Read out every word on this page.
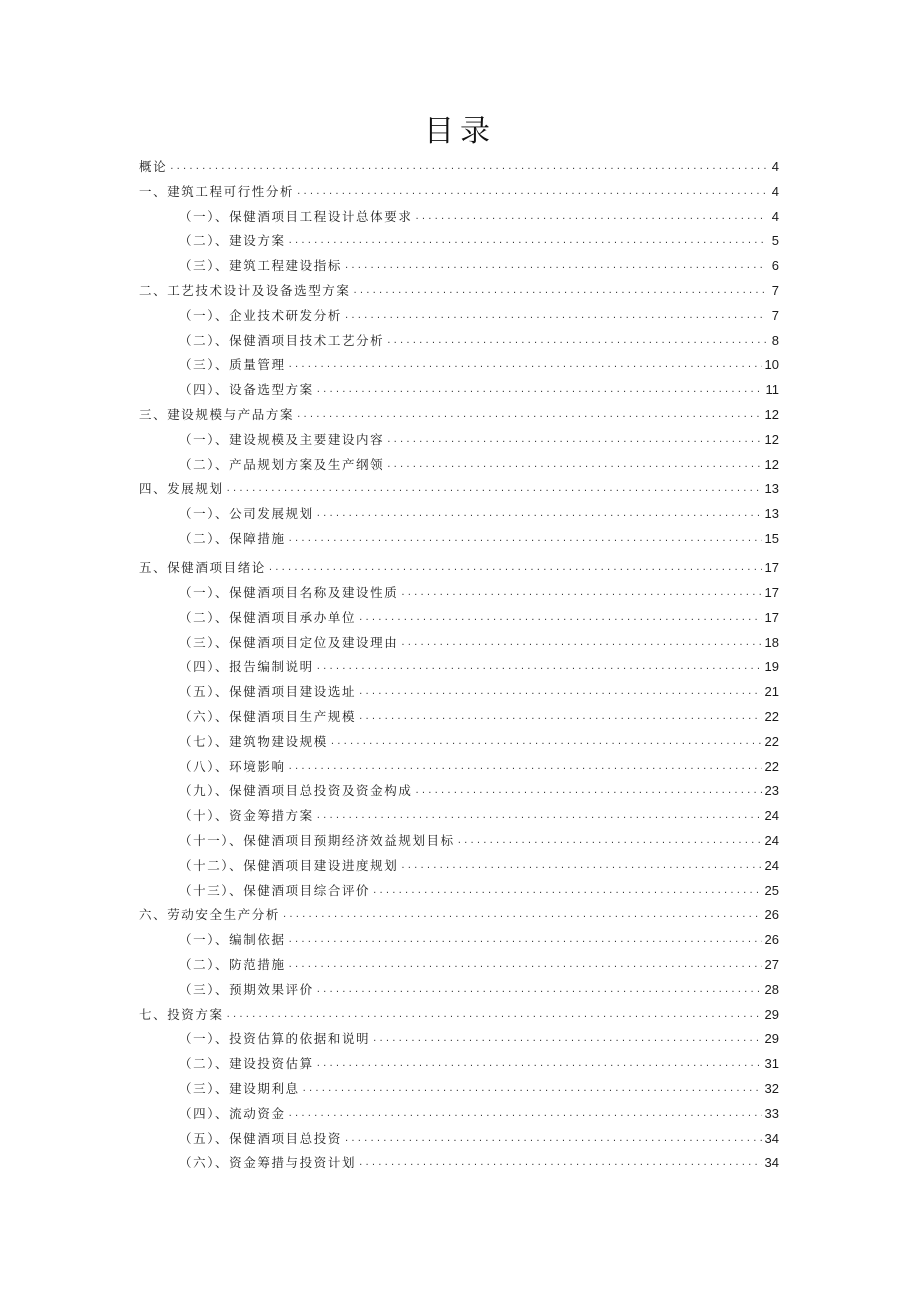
目录
概论 .....	4
一、建筑工程可行性分析 .....	4
（一）、保健酒项目工程设计总体要求 .....	4
（二）、建设方案 .....	5
（三）、建筑工程建设指标 .....	6
二、工艺技术设计及设备选型方案 .....	7
（一）、企业技术研发分析 .....	7
（二）、保健酒项目技术工艺分析 .....	8
（三）、质量管理 .....	10
（四）、设备选型方案 .....	11
三、建设规模与产品方案 .....	12
（一）、建设规模及主要建设内容 .....	12
（二）、产品规划方案及生产纲领 .....	12
四、发展规划 .....	13
（一）、公司发展规划 .....	13
（二）、保障措施 .....	15
五、保健酒项目绪论 .....	17
（一）、保健酒项目名称及建设性质 .....	17
（二）、保健酒项目承办单位 .....	17
（三）、保健酒项目定位及建设理由 .....	18
（四）、报告编制说明 .....	19
（五）、保健酒项目建设选址 .....	21
（六）、保健酒项目生产规模 .....	22
（七）、建筑物建设规模 .....	22
（八）、环境影响 .....	22
（九）、保健酒项目总投资及资金构成 .....	23
（十）、资金筹措方案 .....	24
（十一）、保健酒项目预期经济效益规划目标 .....	24
（十二）、保健酒项目建设进度规划 .....	24
（十三）、保健酒项目综合评价 .....	25
六、劳动安全生产分析 .....	26
（一）、编制依据 .....	26
（二）、防范措施 .....	27
（三）、预期效果评价 .....	28
七、投资方案 .....	29
（一）、投资估算的依据和说明 .....	29
（二）、建设投资估算 .....	31
（三）、建设期利息 .....	32
（四）、流动资金 .....	33
（五）、保健酒项目总投资 .....	34
（六）、资金筹措与投资计划 .....	34
